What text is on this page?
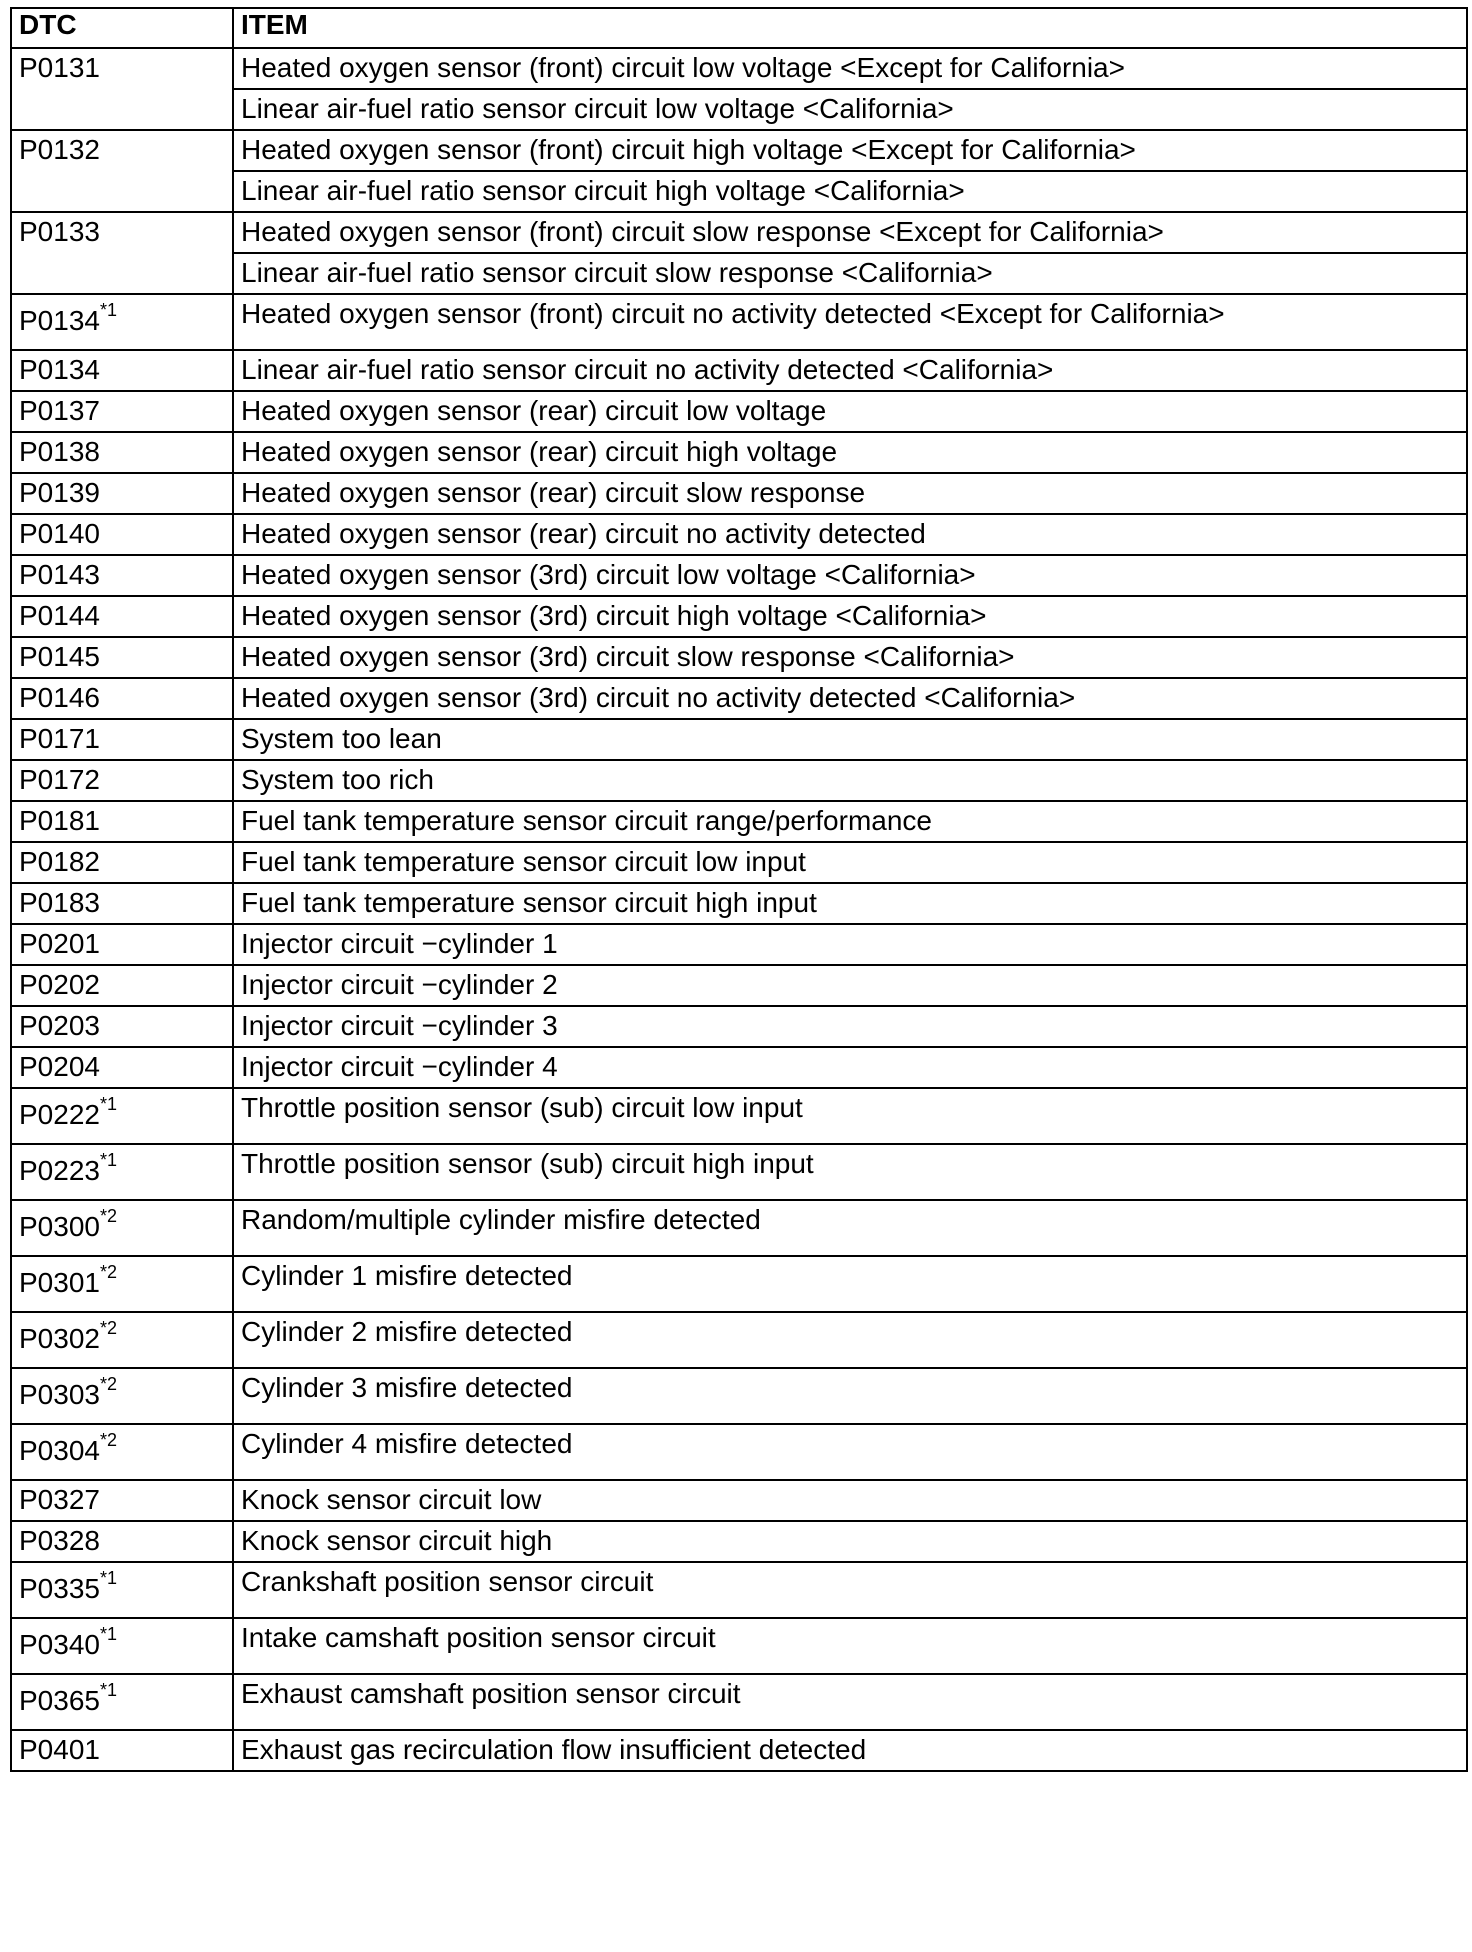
DTC	ITEM
P0131	Heated oxygen sensor (front) circuit low voltage <Except for California>
	Linear air-fuel ratio sensor circuit low voltage <California>
P0132	Heated oxygen sensor (front) circuit high voltage <Except for California>
	Linear air-fuel ratio sensor circuit high voltage <California>
P0133	Heated oxygen sensor (front) circuit slow response <Except for California>
	Linear air-fuel ratio sensor circuit slow response <California>
$P0134^{*1}$	Heated oxygen sensor (front) circuit no activity detected <Except for California>
P0134	Linear air-fuel ratio sensor circuit no activity detected <California>
P0137	Heated oxygen sensor (rear) circuit low voltage
P0138	Heated oxygen sensor (rear) circuit high voltage
P0139	Heated oxygen sensor (rear) circuit slow response
P0140	Heated oxygen sensor (rear) circuit no activity detected
P0143	Heated oxygen sensor (3rd) circuit low voltage <California>
P0144	Heated oxygen sensor (3rd) circuit high voltage <California>
P0145	Heated oxygen sensor (3rd) circuit slow response <California>
P0146	Heated oxygen sensor (3rd) circuit no activity detected <California>
P0171	System too lean
P0172	System too rich
P0181	Fuel tank temperature sensor circuit range/performance
P0182	Fuel tank temperature sensor circuit low input
P0183	Fuel tank temperature sensor circuit high input
P0201	Injector circuit −cylinder 1
P0202	Injector circuit −cylinder 2
P0203	Injector circuit −cylinder 3
P0204	Injector circuit −cylinder 4
P0222$^{*1}$	Throttle position sensor (sub) circuit low input
P0223$^{*1}$	Throttle position sensor (sub) circuit high input
P0300$^{*2}$	Random/multiple cylinder misfire detected
P0301$^{*2}$	Cylinder 1 misfire detected
P0302$^{*2}$	Cylinder 2 misfire detected
P0303$^{*2}$	Cylinder 3 misfire detected
P0304$^{*2}$	Cylinder 4 misfire detected
P0327	Knock sensor circuit low
P0328	Knock sensor circuit high
P0335$^{*1}$	Crankshaft position sensor circuit
P0340$^{*1}$	Intake camshaft position sensor circuit
P0365$^{*1}$	Exhaust camshaft position sensor circuit
P0401	Exhaust gas recirculation flow insufficient detected
